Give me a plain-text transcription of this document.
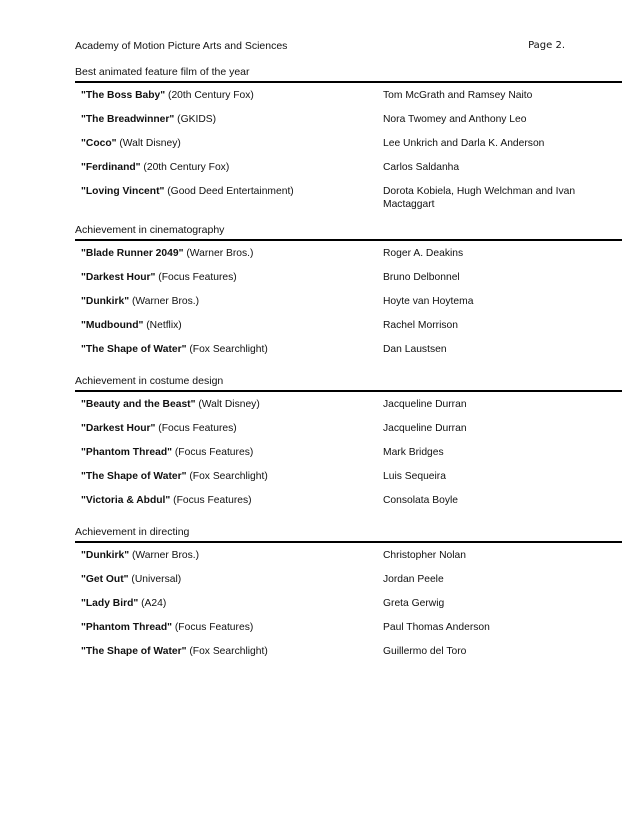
Academy of Motion Picture Arts and Sciences	Page 2.
Best animated feature film of the year
"The Boss Baby" (20th Century Fox)	Tom McGrath and Ramsey Naito
"The Breadwinner" (GKIDS)	Nora Twomey and Anthony Leo
"Coco" (Walt Disney)	Lee Unkrich and Darla K. Anderson
"Ferdinand" (20th Century Fox)	Carlos Saldanha
"Loving Vincent" (Good Deed Entertainment)	Dorota Kobiela, Hugh Welchman and Ivan Mactaggart
Achievement in cinematography
"Blade Runner 2049" (Warner Bros.)	Roger A. Deakins
"Darkest Hour" (Focus Features)	Bruno Delbonnel
"Dunkirk" (Warner Bros.)	Hoyte van Hoytema
"Mudbound" (Netflix)	Rachel Morrison
"The Shape of Water" (Fox Searchlight)	Dan Laustsen
Achievement in costume design
"Beauty and the Beast" (Walt Disney)	Jacqueline Durran
"Darkest Hour" (Focus Features)	Jacqueline Durran
"Phantom Thread" (Focus Features)	Mark Bridges
"The Shape of Water" (Fox Searchlight)	Luis Sequeira
"Victoria & Abdul" (Focus Features)	Consolata Boyle
Achievement in directing
"Dunkirk" (Warner Bros.)	Christopher Nolan
"Get Out" (Universal)	Jordan Peele
"Lady Bird" (A24)	Greta Gerwig
"Phantom Thread" (Focus Features)	Paul Thomas Anderson
"The Shape of Water" (Fox Searchlight)	Guillermo del Toro
